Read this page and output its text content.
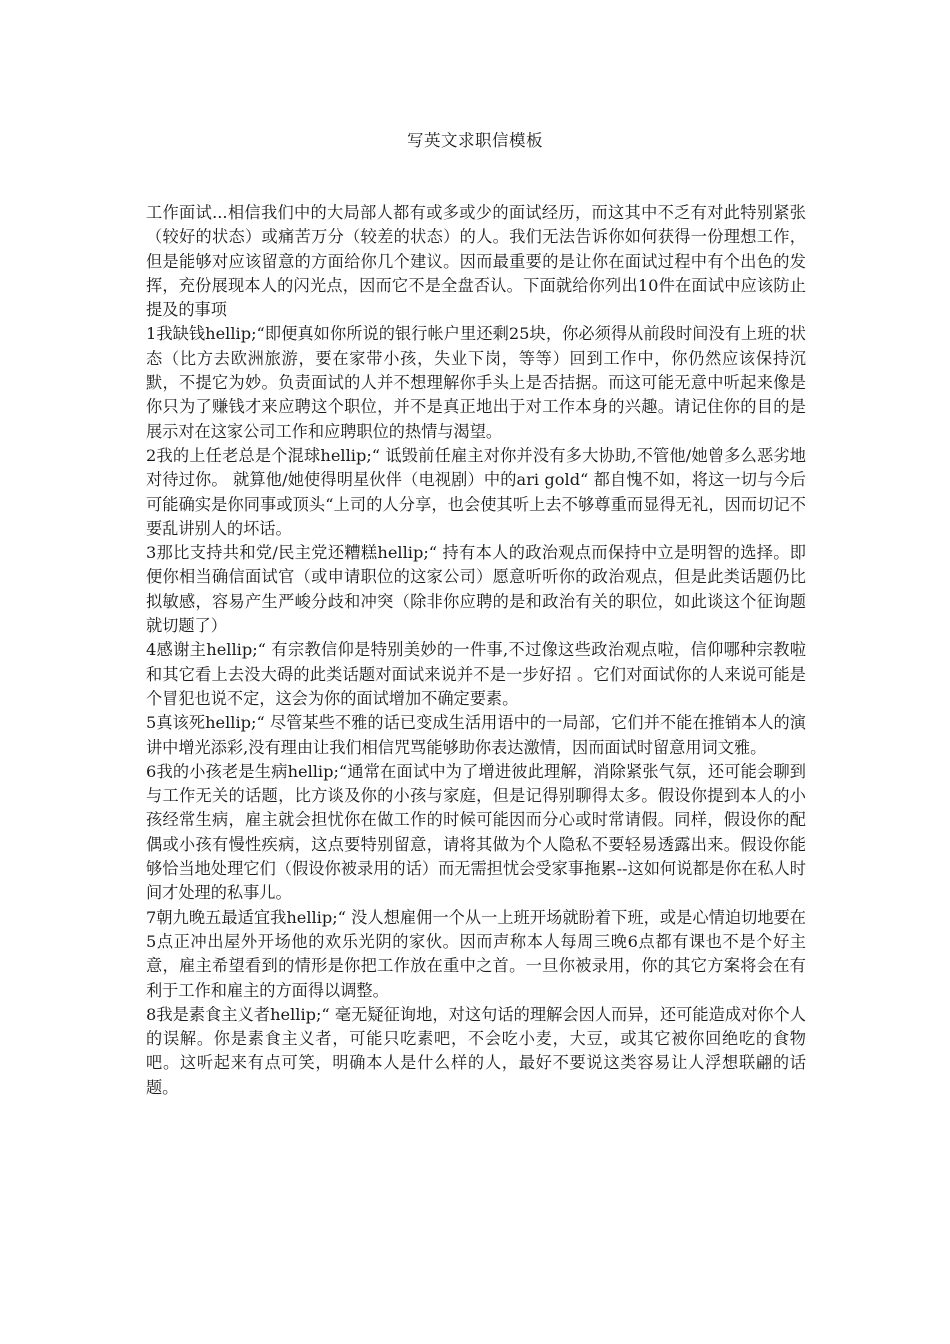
写英文求职信模板

工作面试...相信我们中的大局部人都有或多或少的面试经历，而这其中不乏有对此特别紧张（较好的状态）或痛苦万分（较差的状态）的人。我们无法告诉你如何获得一份理想工作，但是能够对应该留意的方面给你几个建议。因而最重要的是让你在面试过程中有个出色的发挥，充份展现本人的闪光点，因而它不是全盘否认。下面就给你列出10件在面试中应该防止提及的事项

1我缺钱hellip;“即便真如你所说的银行帐户里还剩25块，你必须得从前段时间没有上班的状态（比方去欧洲旅游，要在家带小孩，失业下岗，等等）回到工作中，你仍然应该保持沉默，不提它为妙。负责面试的人并不想理解你手头上是否拮据。而这可能无意中听起来像是你只为了赚钱才来应聘这个职位，并不是真正地出于对工作本身的兴趣。请记住你的目的是展示对在这家公司工作和应聘职位的热情与渴望。

2我的上任老总是个混球hellip;“ 诋毁前任雇主对你并没有多大协助,不管他/她曾多么恶劣地对待过你。 就算他/她使得明星伙伴（电视剧）中的ari gold“ 都自愧不如，将这一切与今后可能确实是你同事或顶头“上司的人分享，也会使其听上去不够尊重而显得无礼，因而切记不要乱讲别人的坏话。

3那比支持共和党/民主党还糟糕hellip;“ 持有本人的政治观点而保持中立是明智的选择。即便你相当确信面试官（或申请职位的这家公司）愿意听听你的政治观点，但是此类话题仍比拟敏感，容易产生严峻分歧和冲突（除非你应聘的是和政治有关的职位，如此谈这个征询题就切题了）

4感谢主hellip;“ 有宗教信仰是特别美妙的一件事,不过像这些政治观点啦，信仰哪种宗教啦和其它看上去没大碍的此类话题对面试来说并不是一步好招 。它们对面试你的人来说可能是个冒犯也说不定，这会为你的面试增加不确定要素。

5真该死hellip;“ 尽管某些不雅的话已变成生活用语中的一局部，它们并不能在推销本人的演讲中增光添彩,没有理由让我们相信咒骂能够助你表达激情，因而面试时留意用词文雅。

6我的小孩老是生病hellip;“通常在面试中为了增进彼此理解，消除紧张气氛，还可能会聊到与工作无关的话题，比方谈及你的小孩与家庭，但是记得别聊得太多。假设你提到本人的小孩经常生病，雇主就会担忧你在做工作的时候可能因而分心或时常请假。同样，假设你的配偶或小孩有慢性疾病，这点要特别留意，请将其做为个人隐私不要轻易透露出来。假设你能够恰当地处理它们（假设你被录用的话）而无需担忧会受家事拖累--这如何说都是你在私人时间才处理的私事儿。

7朝九晚五最适宜我hellip;“ 没人想雇佣一个从一上班开场就盼着下班，或是心情迫切地要在5点正冲出屋外开场他的欢乐光阴的家伙。因而声称本人每周三晚6点都有课也不是个好主意，雇主希望看到的情形是你把工作放在重中之首。一旦你被录用，你的其它方案将会在有利于工作和雇主的方面得以调整。

8我是素食主义者hellip;“ 毫无疑征询地，对这句话的理解会因人而异，还可能造成对你个人的误解。你是素食主义者，可能只吃素吧，不会吃小麦，大豆，或其它被你回绝吃的食物吧。这听起来有点可笑，明确本人是什么样的人，最好不要说这类容易让人浮想联翩的话题。
